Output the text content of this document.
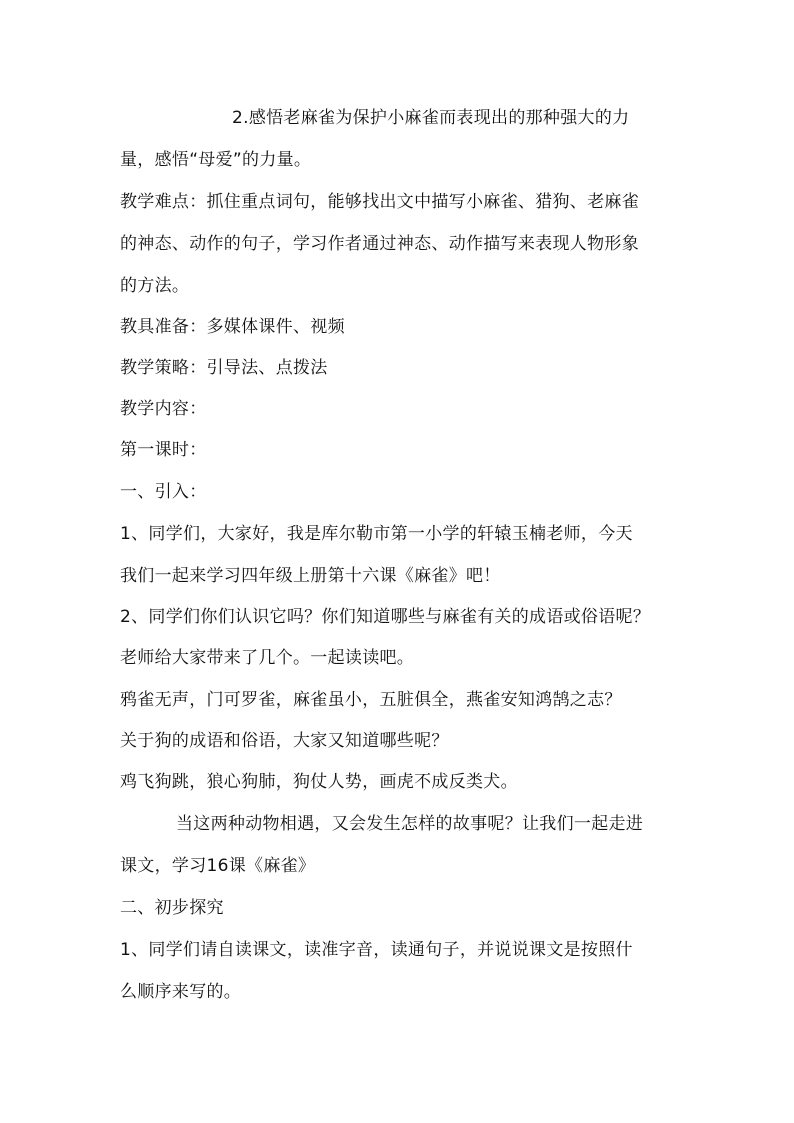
2.感悟老麻雀为保护小麻雀而表现出的那种强大的力
量，感悟“母爱”的力量。
教学难点：抓住重点词句，能够找出文中描写小麻雀、猎狗、老麻雀
的神态、动作的句子，学习作者通过神态、动作描写来表现人物形象
的方法。
教具准备：多媒体课件、视频
教学策略：引导法、点拨法
教学内容：
第一课时：
一、引入：
1、同学们，大家好，我是库尔勒市第一小学的轩辕玉楠老师，今天
我们一起来学习四年级上册第十六课《麻雀》吧！
2、同学们你们认识它吗？你们知道哪些与麻雀有关的成语或俗语呢？
老师给大家带来了几个。一起读读吧。
鸦雀无声，门可罗雀，麻雀虽小，五脏俱全，燕雀安知鸿鹄之志？
关于狗的成语和俗语，大家又知道哪些呢？
鸡飞狗跳，狼心狗肺，狗仗人势，画虎不成反类犬。
当这两种动物相遇，又会发生怎样的故事呢？让我们一起走进
课文，学习16课《麻雀》
二、初步探究
1、同学们请自读课文，读准字音，读通句子，并说说课文是按照什
么顺序来写的。
